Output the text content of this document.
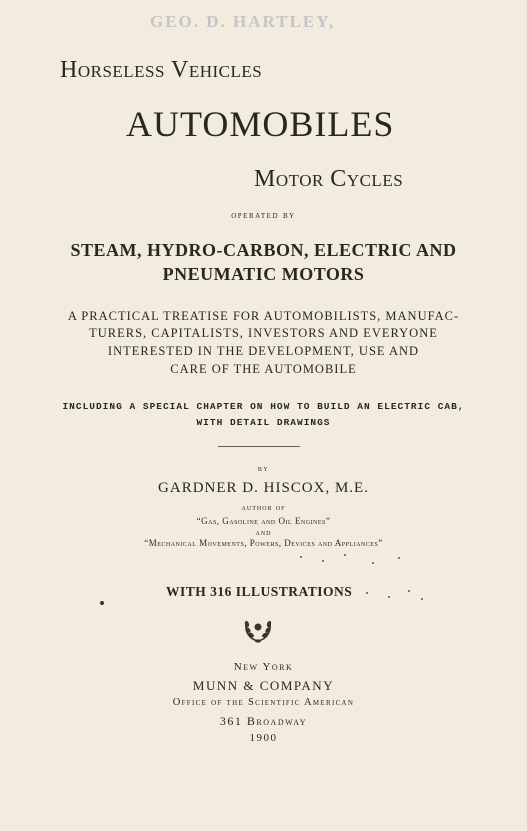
GEO. D. HARTLEY,
Horseless Vehicles
AUTOMOBILES
Motor Cycles
operated by
STEAM, HYDRO-CARBON, ELECTRIC AND
PNEUMATIC MOTORS
A PRACTICAL TREATISE FOR AUTOMOBILISTS, MANUFAC-
TURERS, CAPITALISTS, INVESTORS AND EVERYONE
INTERESTED IN THE DEVELOPMENT, USE AND
CARE OF THE AUTOMOBILE
INCLUDING A SPECIAL CHAPTER ON HOW TO BUILD AN ELECTRIC CAB,
WITH DETAIL DRAWINGS
by
GARDNER D. HISCOX, M.E.
author of
“Gas, Gasoline and Oil Engines”
and
“Mechanical Movements, Powers, Devices and Appliances”
WITH 316 ILLUSTRATIONS
New York
MUNN & COMPANY
Office of the Scientific American
361 Broadway
1900
